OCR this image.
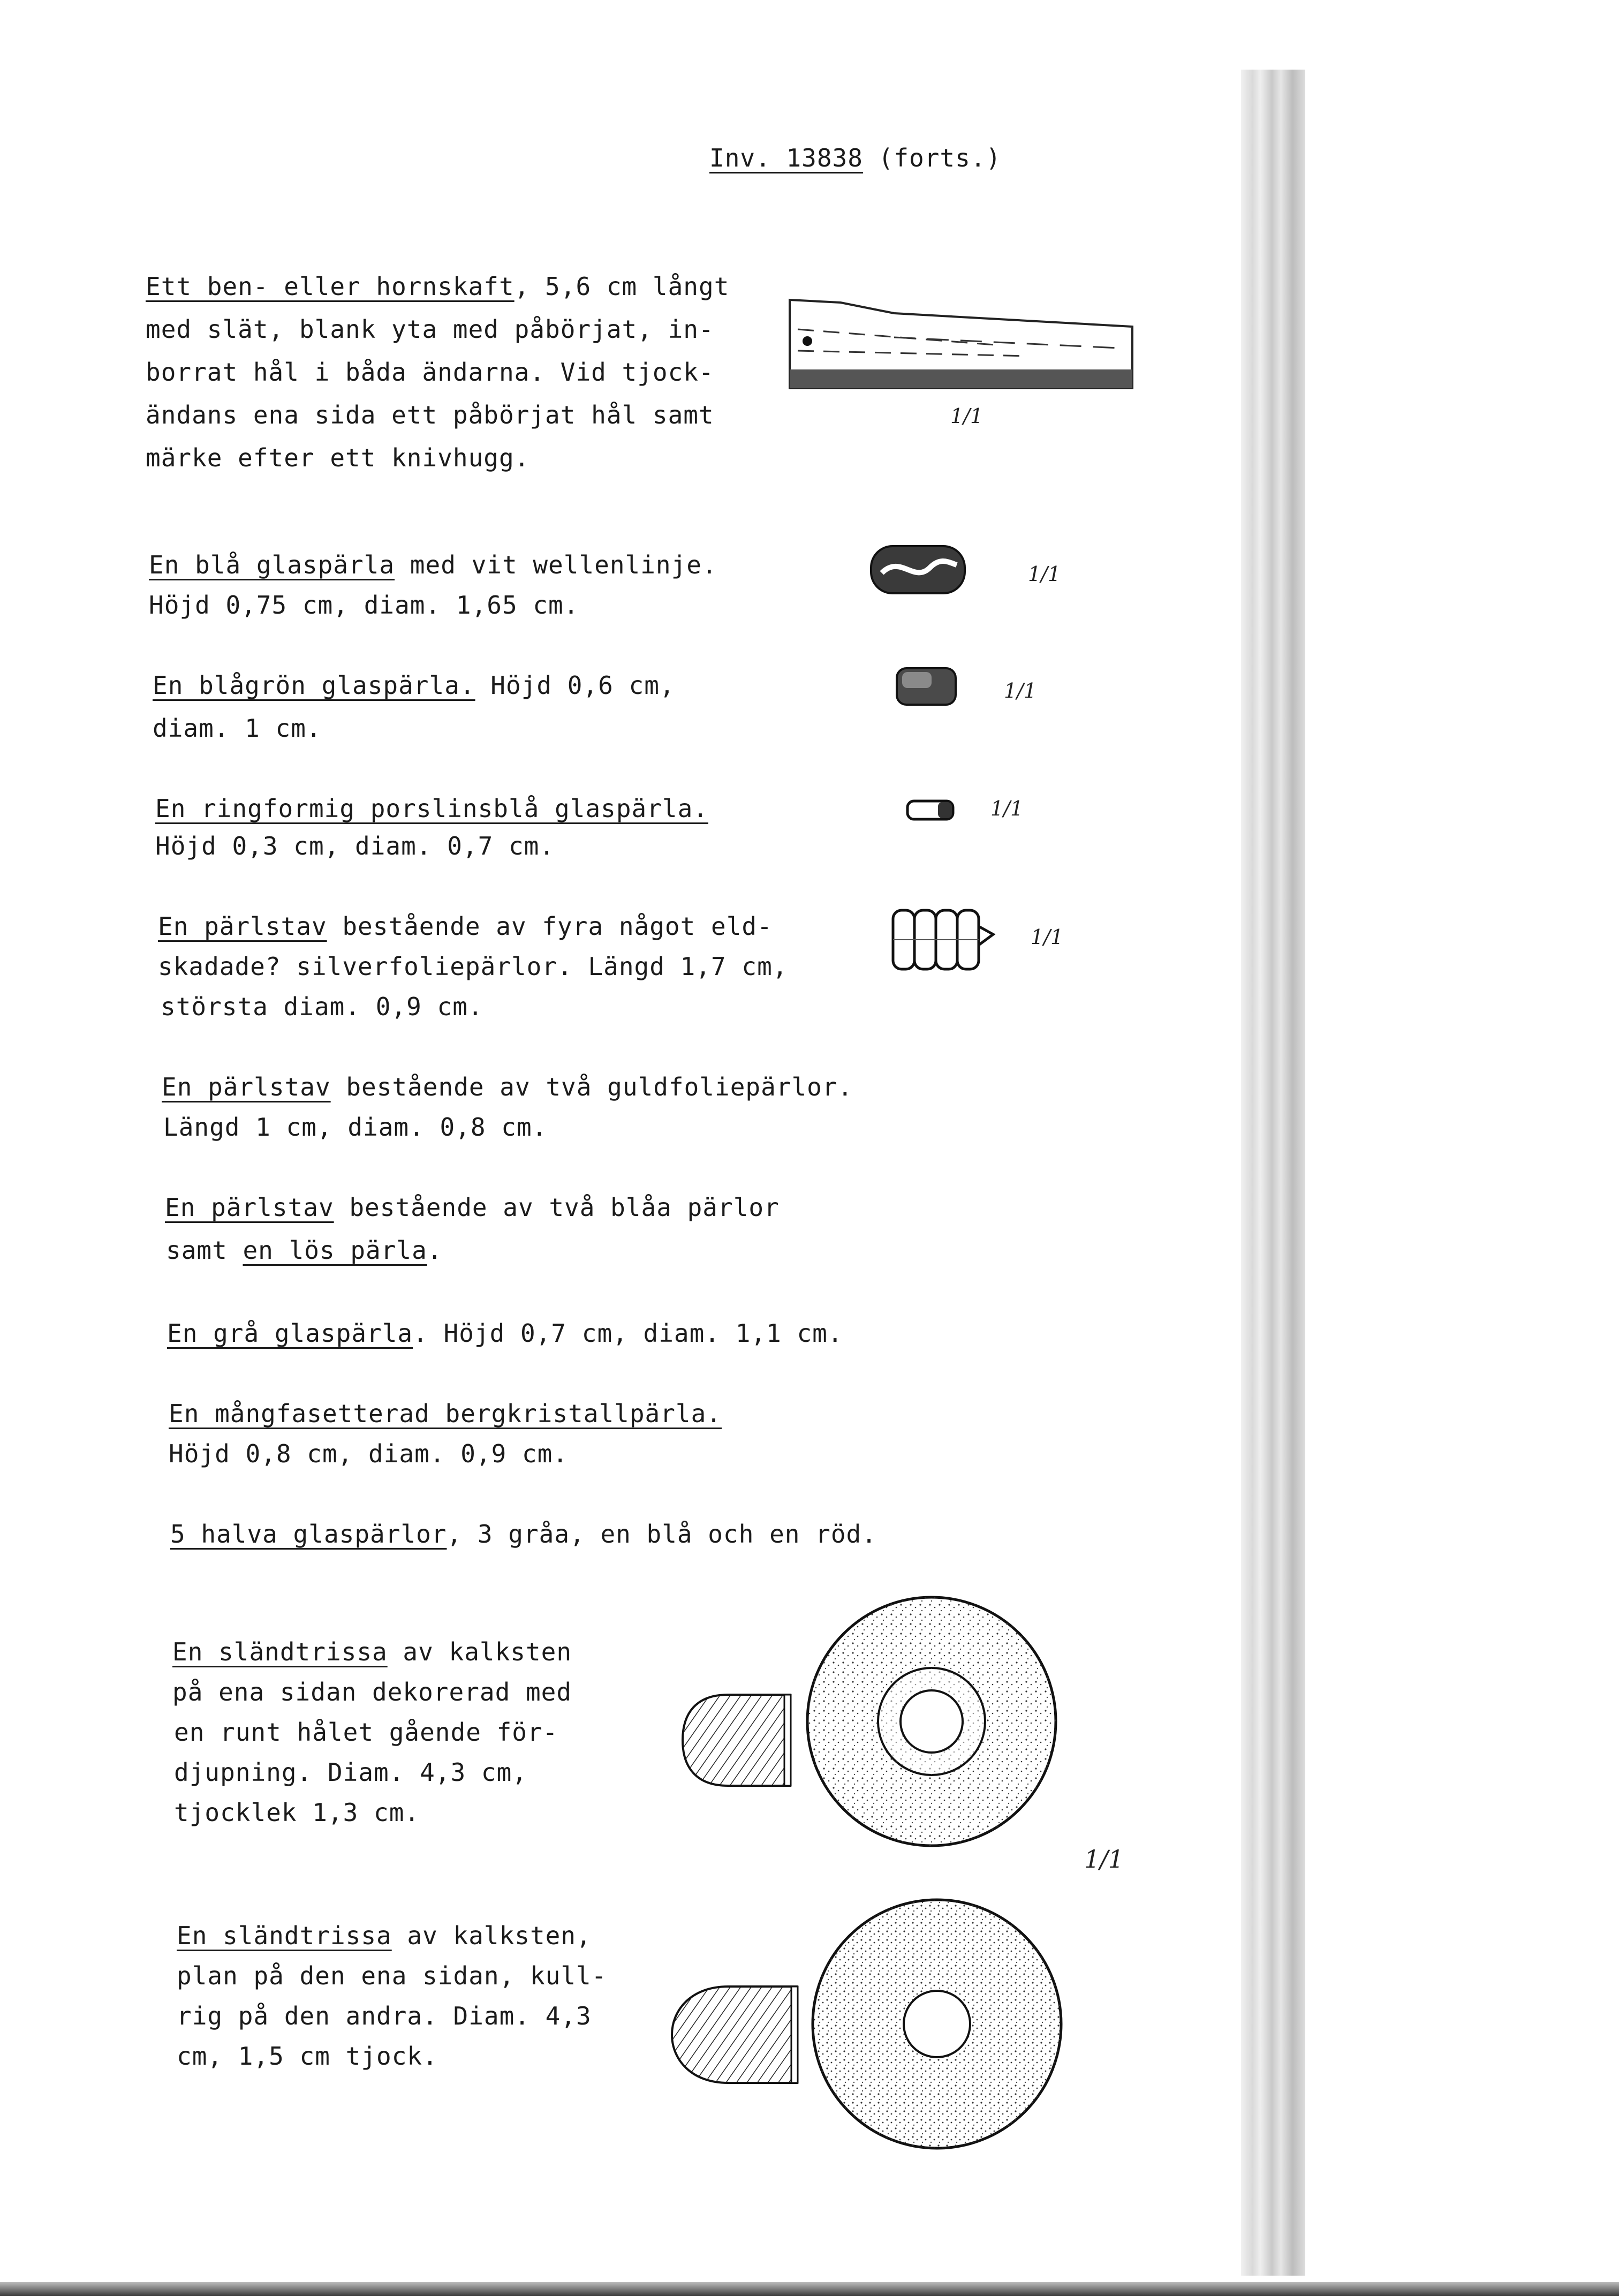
Inv. 13838 (forts.)
Ett ben- eller hornskaft, 5,6 cm långt
med slät, blank yta med påbörjat, in-
borrat hål i båda ändarna. Vid tjock-
ändans ena sida ett påbörjat hål samt
märke efter ett knivhugg.
1/1
En blå glaspärla med vit wellenlinje.
Höjd 0,75 cm, diam. 1,65 cm.
1/1
En blågrön glaspärla. Höjd 0,6 cm,
diam. 1 cm.
1/1
En ringformig porslinsblå glaspärla.
Höjd 0,3 cm, diam. 0,7 cm.
1/1
En pärlstav bestående av fyra något eld-
skadade? silverfoliepärlor. Längd 1,7 cm,
största diam. 0,9 cm.
1/1
En pärlstav bestående av två guldfoliepärlor.
Längd 1 cm, diam. 0,8 cm.
En pärlstav bestående av två blåa pärlor
samt en lös pärla.
En grå glaspärla. Höjd 0,7 cm, diam. 1,1 cm.
En mångfasetterad bergkristallpärla.
Höjd 0,8 cm, diam. 0,9 cm.
5 halva glaspärlor, 3 gråa, en blå och en röd.
En sländtrissa av kalksten
på ena sidan dekorerad med
en runt hålet gående för-
djupning. Diam. 4,3 cm,
tjocklek 1,3 cm.
1/1
En sländtrissa av kalksten,
plan på den ena sidan, kull-
rig på den andra. Diam. 4,3
cm, 1,5 cm tjock.
